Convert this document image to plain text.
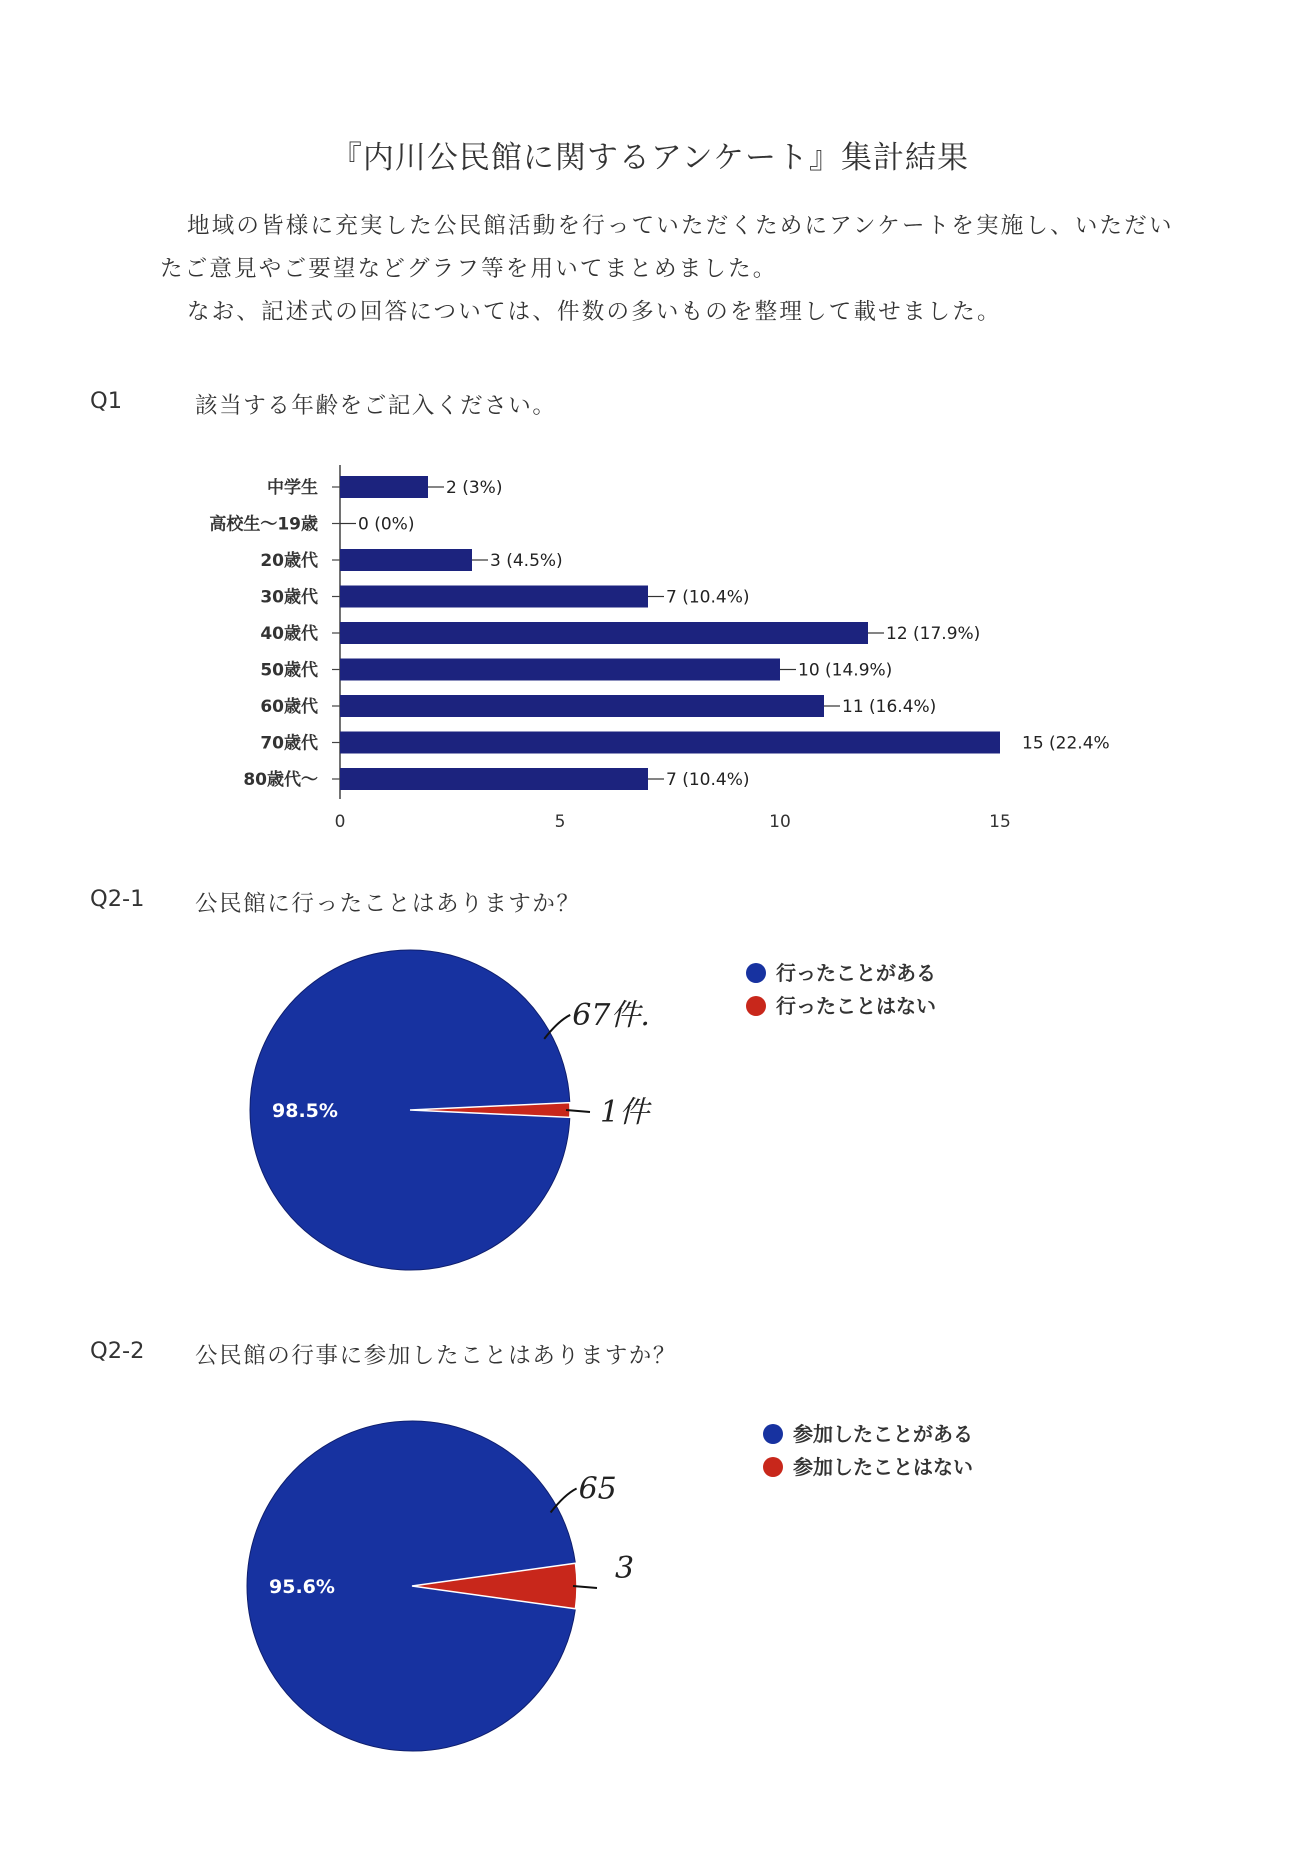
『内川公民館に関するアンケート』集計結果

地域の皆様に充実した公民館活動を行っていただくためにアンケートを実施し、いただい

たご意見やご要望などグラフ等を用いてまとめました。

なお、記述式の回答については、件数の多いものを整理して載せました。

Q1	該当する年齢をご記入ください。
中学生	2 (3%)
高校生～19歳 0 (0%)
20歳代	3 (4.5%)
30歳代	7 (10.4%)
40歳代	12 (17.9%)
50歳代	10 (14.9%)
60歳代	11 (16.4%)
70歳代	15 (22.4%
80歳代～	7 (10.4%)
0	5	10	15
Q2-1 公民館に行ったことはありますか？
98.5%
行ったことがある
行ったことはない
67件.
1件
Q2-2 公民館の行事に参加したことはありますか？
95.6%
参加したことがある
参加したことはない
65
3
